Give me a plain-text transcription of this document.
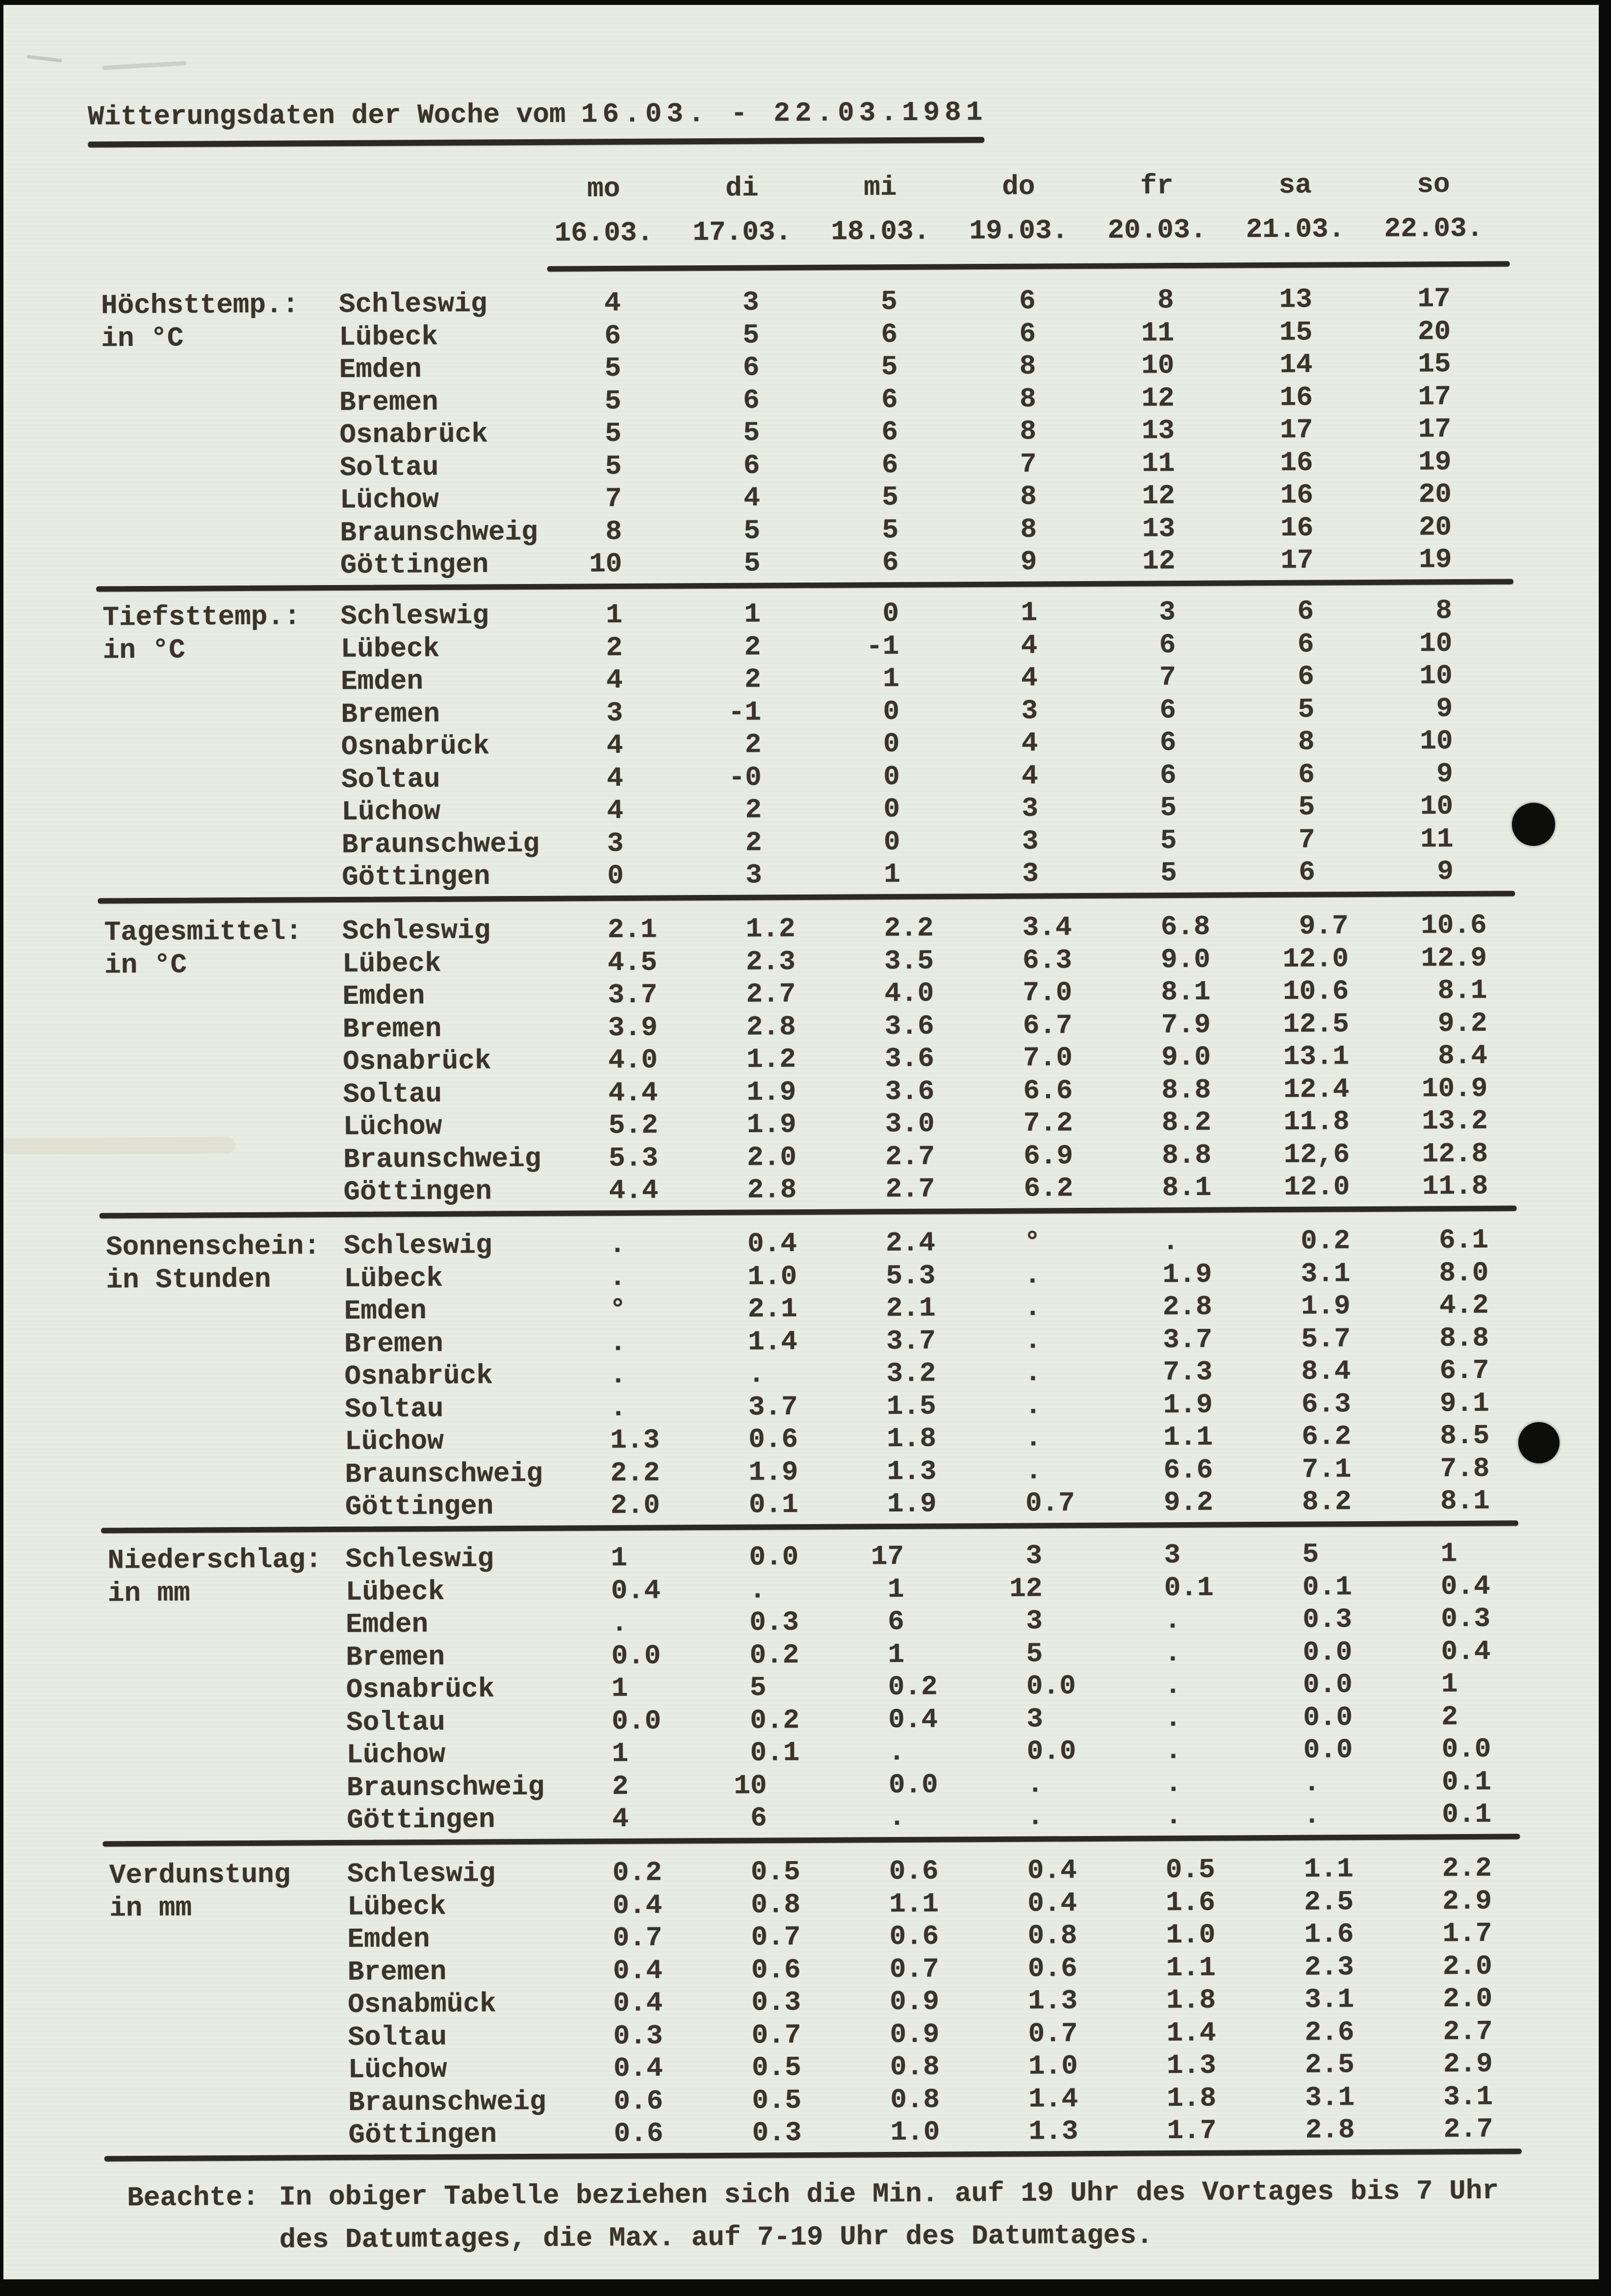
Witterungsdaten der Woche vom 16.03. - 22.03.1981
mo	di	mi	do	fr	sa	so
16.03.	17.03.	18.03.	19.03.	20.03.	21.03.	22.03.
Höchsttemp.:
in °C
Schleswig	4	3	5	6	8	13	17
Lübeck	6	5	6	6	11	15	20
Emden	5	6	5	8	10	14	15
Bremen	5	6	6	8	12	16	17
Osnabrück	5	5	6	8	13	17	17
Soltau	5	6	6	7	11	16	19
Lüchow	7	4	5	8	12	16	20
Braunschweig	8	5	5	8	13	16	20
Göttingen	10	5	6	9	12	17	19
Tiefsttemp.:
in °C
Schleswig	1	1	0	1	3	6	8
Lübeck	2	2	-1	4	6	6	10
Emden	4	2	1	4	7	6	10
Bremen	3	-1	0	3	6	5	9
Osnabrück	4	2	0	4	6	8	10
Soltau	4	-0	0	4	6	6	9
Lüchow	4	2	0	3	5	5	10
Braunschweig	3	2	0	3	5	7	11
Göttingen	0	3	1	3	5	6	9
Tagesmittel:
in °C
Schleswig	2.1	1.2	2.2	3.4	6.8	9.7	10.6
Lübeck	4.5	2.3	3.5	6.3	9.0	12.0	12.9
Emden	3.7	2.7	4.0	7.0	8.1	10.6	8.1
Bremen	3.9	2.8	3.6	6.7	7.9	12.5	9.2
Osnabrück	4.0	1.2	3.6	7.0	9.0	13.1	8.4
Soltau	4.4	1.9	3.6	6.6	8.8	12.4	10.9
Lüchow	5.2	1.9	3.0	7.2	8.2	11.8	13.2
Braunschweig	5.3	2.0	2.7	6.9	8.8	12,6	12.8
Göttingen	4.4	2.8	2.7	6.2	8.1	12.0	11.8
Sonnenschein:
in Stunden
Schleswig	.	0.4	2.4	°	.	0.2	6.1
Lübeck	.	1.0	5.3	.	1.9	3.1	8.0
Emden	°	2.1	2.1	.	2.8	1.9	4.2
Bremen	.	1.4	3.7	.	3.7	5.7	8.8
Osnabrück	.	.	3.2	.	7.3	8.4	6.7
Soltau	.	3.7	1.5	.	1.9	6.3	9.1
Lüchow	1.3	0.6	1.8	.	1.1	6.2	8.5
Braunschweig	2.2	1.9	1.3	.	6.6	7.1	7.8
Göttingen	2.0	0.1	1.9	0.7	9.2	8.2	8.1
Niederschlag:
in mm
Schleswig	1	0.0	17	3	3	5	1
Lübeck	0.4	.	1	12	0.1	0.1	0.4
Emden	.	0.3	6	3	.	0.3	0.3
Bremen	0.0	0.2	1	5	.	0.0	0.4
Osnabrück	1	5	0.2	0.0	.	0.0	1
Soltau	0.0	0.2	0.4	3	.	0.0	2
Lüchow	1	0.1	.	0.0	.	0.0	0.0
Braunschweig	2	10	0.0	.	.	.	0.1
Göttingen	4	6	.	.	.	.	0.1
Verdunstung
in mm
Schleswig	0.2	0.5	0.6	0.4	0.5	1.1	2.2
Lübeck	0.4	0.8	1.1	0.4	1.6	2.5	2.9
Emden	0.7	0.7	0.6	0.8	1.0	1.6	1.7
Bremen	0.4	0.6	0.7	0.6	1.1	2.3	2.0
Osnabmück	0.4	0.3	0.9	1.3	1.8	3.1	2.0
Soltau	0.3	0.7	0.9	0.7	1.4	2.6	2.7
Lüchow	0.4	0.5	0.8	1.0	1.3	2.5	2.9
Braunschweig	0.6	0.5	0.8	1.4	1.8	3.1	3.1
Göttingen	0.6	0.3	1.0	1.3	1.7	2.8	2.7
Beachte: In obiger Tabelle beziehen sich die Min. auf 19 Uhr des Vortages bis 7 Uhr
des Datumtages, die Max. auf 7-19 Uhr des Datumtages.
